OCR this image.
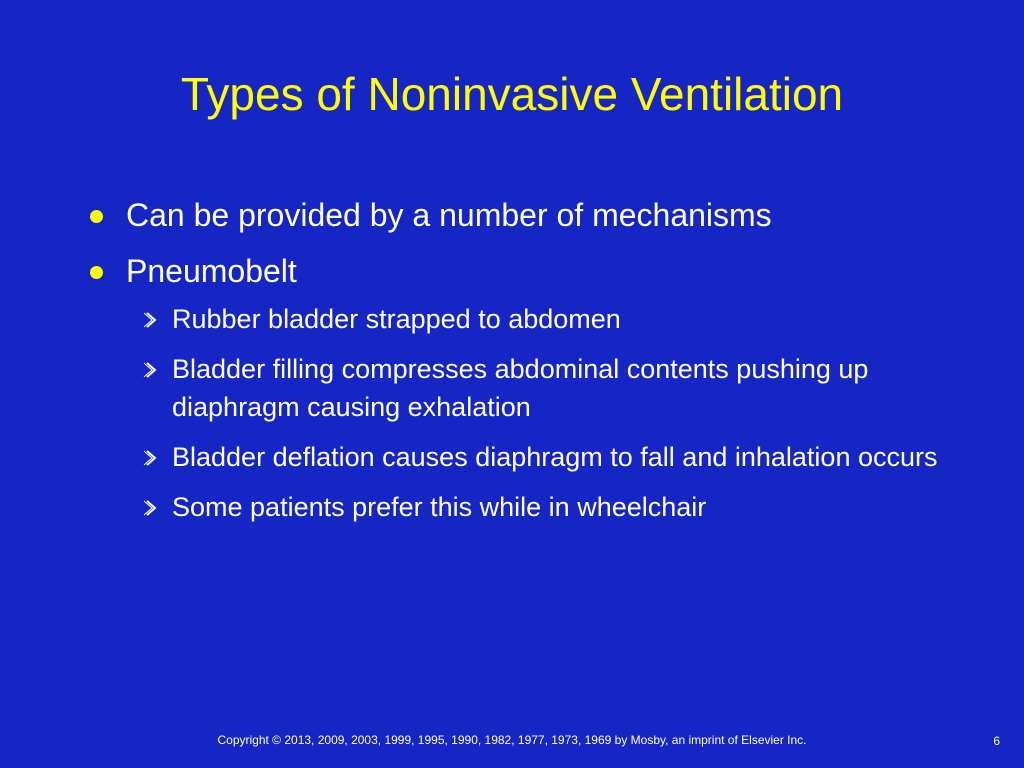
Types of Noninvasive Ventilation
Can be provided by a number of mechanisms
Pneumobelt
Rubber bladder strapped to abdomen
Bladder filling compresses abdominal contents pushing up diaphragm causing exhalation
Bladder deflation causes diaphragm to fall and inhalation occurs
Some patients prefer this while in wheelchair
Copyright © 2013, 2009, 2003, 1999, 1995, 1990, 1982, 1977, 1973, 1969 by Mosby, an imprint of Elsevier Inc.	6
